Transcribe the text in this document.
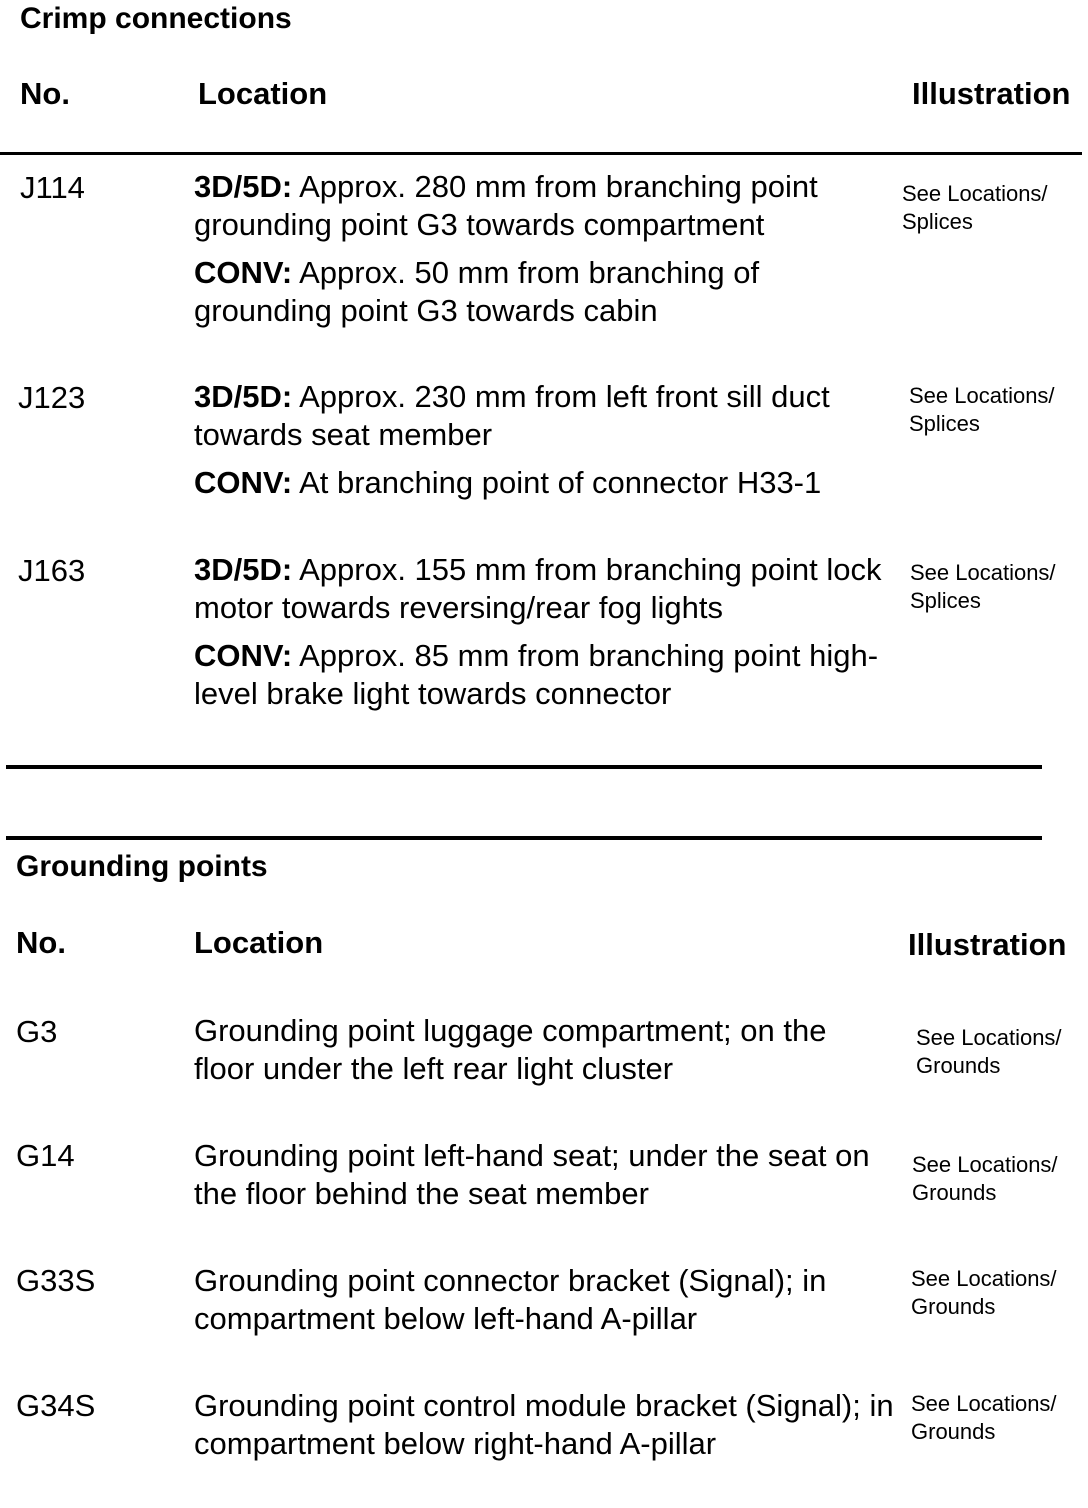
Crimp connections
No.	Location	Illustration
J114	3D/5D: Approx. 280 mm from branching point grounding point G3 towards compartment

CONV: Approx. 50 mm from branching of grounding point G3 towards cabin

See Locations/ Splices
J123	3D/5D: Approx. 230 mm from left front sill duct towards seat member

CONV: At branching point of connector H33-1

See Locations/ Splices
J163	3D/5D: Approx. 155 mm from branching point lock motor towards reversing/rear fog lights

CONV: Approx. 85 mm from branching point high-level brake light towards connector

See Locations/ Splices
Grounding points
No.	Location	Illustration
G3	Grounding point luggage compartment; on the floor under the left rear light cluster
See Locations/ Grounds
G14	Grounding point left-hand seat; under the seat on the floor behind the seat member
See Locations/ Grounds
G33S	Grounding point connector bracket (Signal); in compartment below left-hand A-pillar
See Locations/ Grounds
G34S	Grounding point control module bracket (Signal); in compartment below right-hand A-pillar
See Locations/ Grounds
